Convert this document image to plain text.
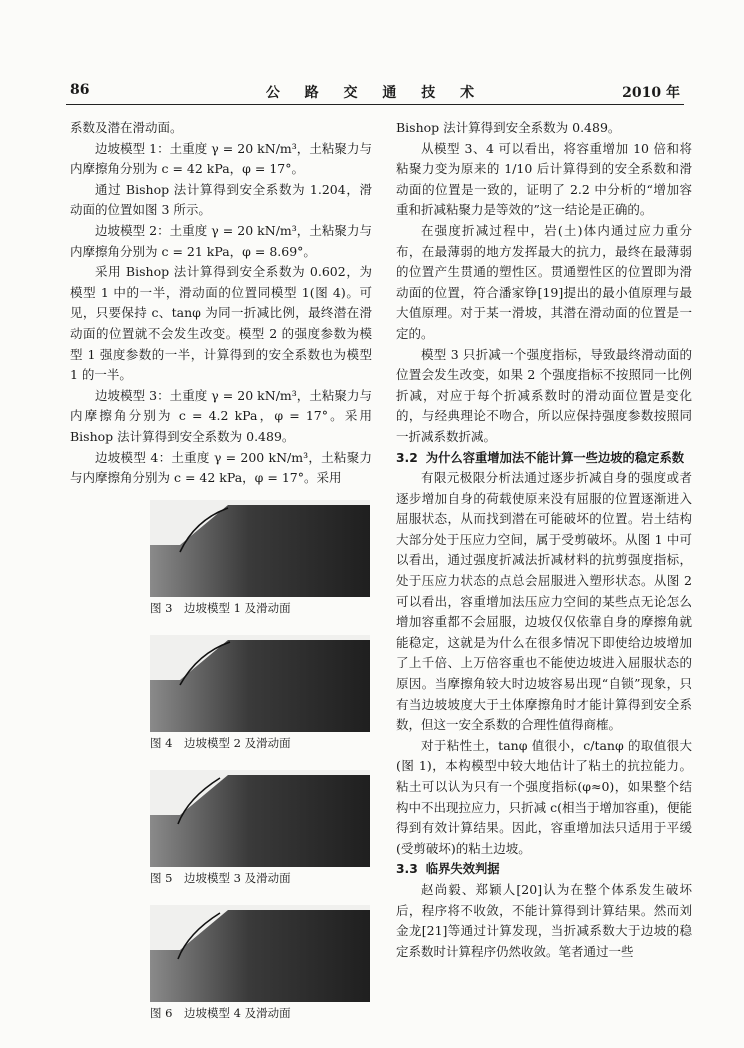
86	公 路 交 通 技 术	2010 年

系数及潜在滑动面。

边坡模型 1：土重度 γ = 20 kN/m³，土粘聚力与内摩擦角分别为 c = 42 kPa，φ = 17°。

通过 Bishop 法计算得到安全系数为 1.204，滑动面的位置如图 3 所示。

边坡模型 2：土重度 γ = 20 kN/m³，土粘聚力与内摩擦角分别为 c = 21 kPa，φ = 8.69°。

采用 Bishop 法计算得到安全系数为 0.602，为模型 1 中的一半，滑动面的位置同模型 1(图 4)。可见，只要保持 c、tanφ 为同一折减比例，最终潜在滑动面的位置就不会发生改变。模型 2 的强度参数为模型 1 强度参数的一半，计算得到的安全系数也为模型 1 的一半。

边坡模型 3：土重度 γ = 20 kN/m³，土粘聚力与内摩擦角分别为 c = 4.2 kPa，φ = 17°。采用 Bishop 法计算得到安全系数为 0.489。

边坡模型 4：土重度 γ = 200 kN/m³，土粘聚力与内摩擦角分别为 c = 42 kPa，φ = 17°。采用

图 3　边坡模型 1 及滑动面
图 4　边坡模型 2 及滑动面
图 5　边坡模型 3 及滑动面
图 6　边坡模型 4 及滑动面

Bishop 法计算得到安全系数为 0.489。

从模型 3、4 可以看出，将容重增加 10 倍和将粘聚力变为原来的 1/10 后计算得到的安全系数和滑动面的位置是一致的，证明了 2.2 中分析的“增加容重和折减粘聚力是等效的”这一结论是正确的。

在强度折减过程中，岩(土)体内通过应力重分布，在最薄弱的地方发挥最大的抗力，最终在最薄弱的位置产生贯通的塑性区。贯通塑性区的位置即为滑动面的位置，符合潘家铮[19]提出的最小值原理与最大值原理。对于某一滑坡，其潜在滑动面的位置是一定的。

模型 3 只折减一个强度指标，导致最终滑动面的位置会发生改变，如果 2 个强度指标不按照同一比例折减，对应于每个折减系数时的滑动面位置是变化的，与经典理论不吻合，所以应保持强度参数按照同一折减系数折减。

3.2 为什么容重增加法不能计算一些边坡的稳定系数

有限元极限分析法通过逐步折减自身的强度或者逐步增加自身的荷载使原来没有屈服的位置逐渐进入屈服状态，从而找到潜在可能破坏的位置。岩土结构大部分处于压应力空间，属于受剪破坏。从图 1 中可以看出，通过强度折减法折减材料的抗剪强度指标，处于压应力状态的点总会屈服进入塑形状态。从图 2 可以看出，容重增加法压应力空间的某些点无论怎么增加容重都不会屈服，边坡仅仅依靠自身的摩擦角就能稳定，这就是为什么在很多情况下即使给边坡增加了上千倍、上万倍容重也不能使边坡进入屈服状态的原因。当摩擦角较大时边坡容易出现“自锁”现象，只有当边坡坡度大于土体摩擦角时才能计算得到安全系数，但这一安全系数的合理性值得商榷。

对于粘性土，tanφ 值很小，c/tanφ 的取值很大(图 1)，本构模型中较大地估计了粘土的抗拉能力。粘土可以认为只有一个强度指标(φ≈0)，如果整个结构中不出现拉应力，只折减 c(相当于增加容重)，便能得到有效计算结果。因此，容重增加法只适用于平缓(受剪破坏)的粘土边坡。

3.3 临界失效判据

赵尚毅、郑颖人[20]认为在整个体系发生破坏后，程序将不收敛，不能计算得到计算结果。然而刘金龙[21]等通过计算发现，当折减系数大于边坡的稳定系数时计算程序仍然收敛。笔者通过一些
